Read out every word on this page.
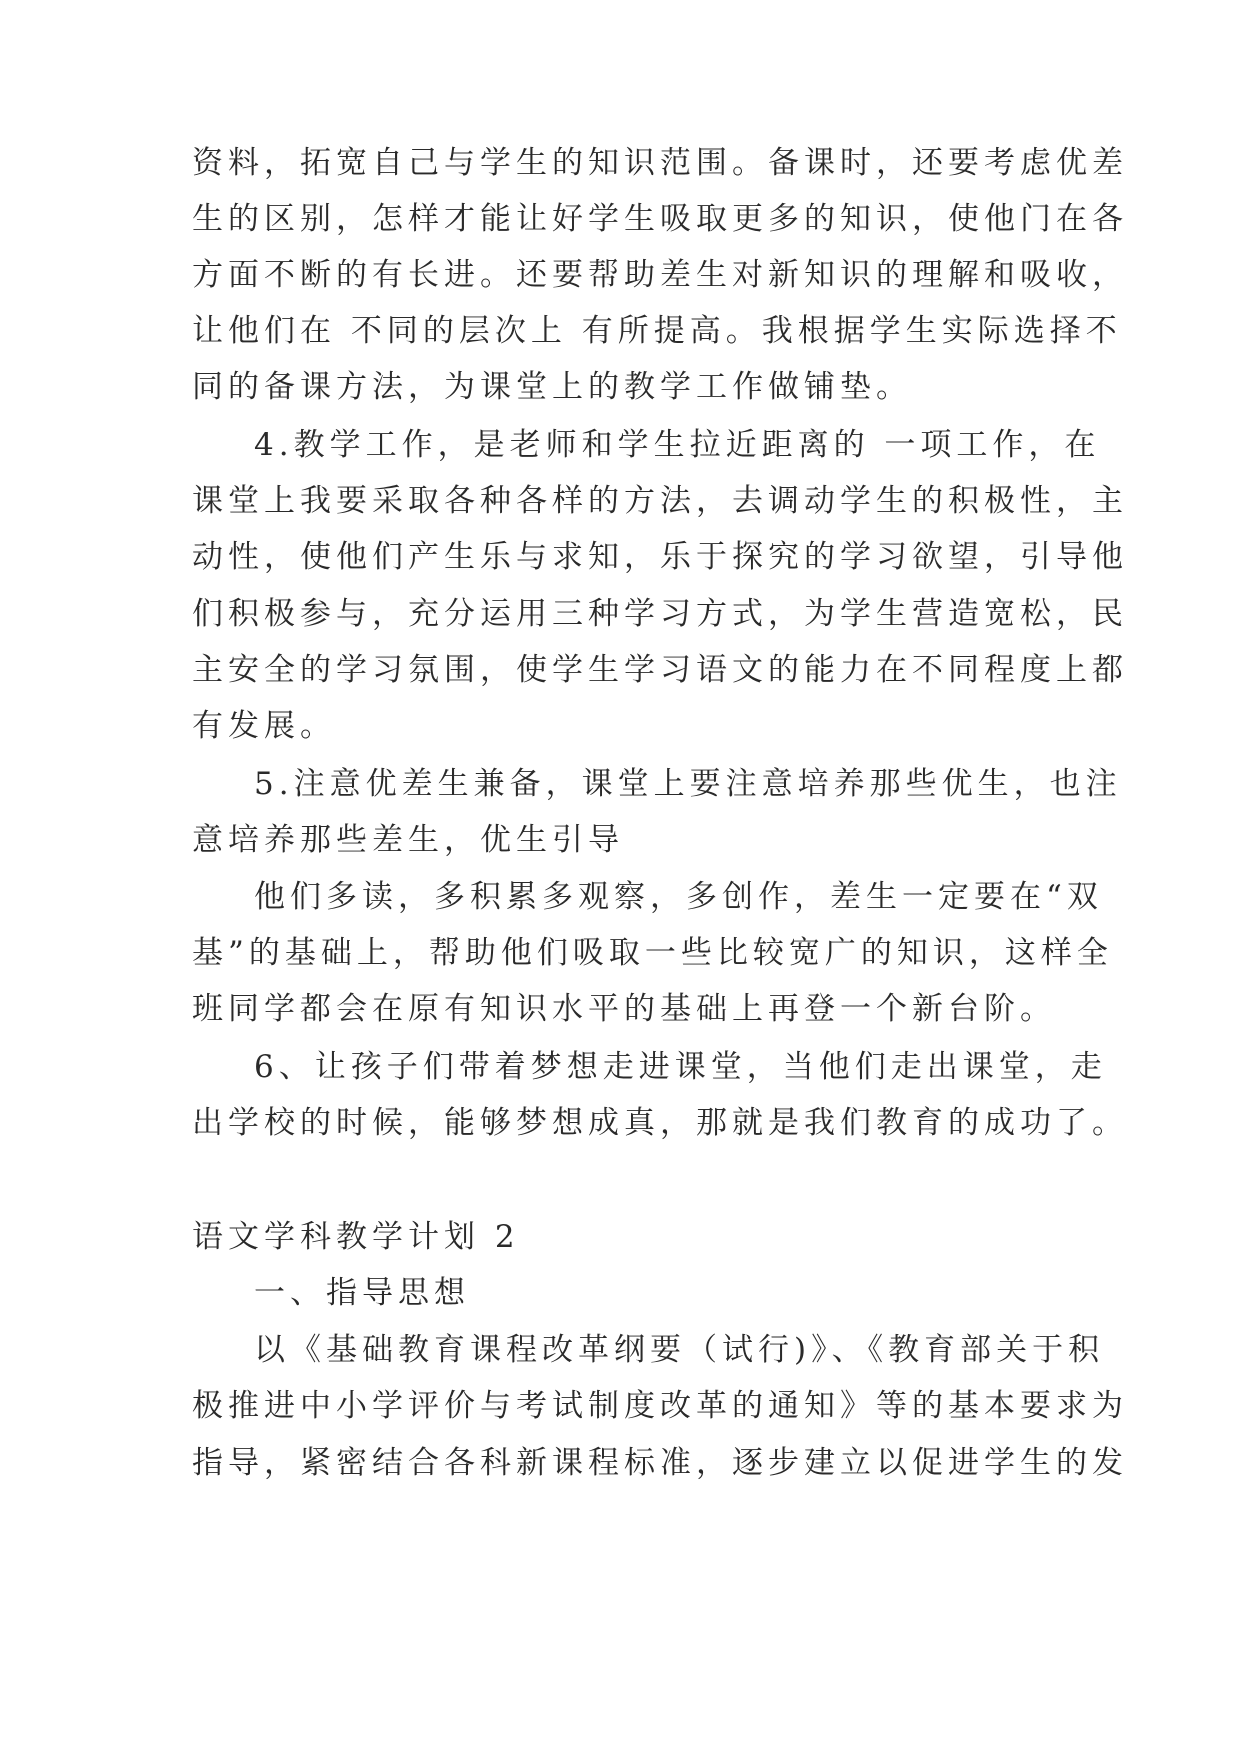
资料，拓宽自己与学生的知识范围。备课时，还要考虑优差
生的区别，怎样才能让好学生吸取更多的知识，使他门在各
方面不断的有长进。还要帮助差生对新知识的理解和吸收，
让他们在 不同的层次上 有所提高。我根据学生实际选择不
同的备课方法，为课堂上的教学工作做铺垫。
4.教学工作，是老师和学生拉近距离的 一项工作，在
课堂上我要采取各种各样的方法，去调动学生的积极性，主
动性，使他们产生乐与求知，乐于探究的学习欲望，引导他
们积极参与，充分运用三种学习方式，为学生营造宽松，民
主安全的学习氛围，使学生学习语文的能力在不同程度上都
有发展。
5.注意优差生兼备，课堂上要注意培养那些优生，也注
意培养那些差生，优生引导
他们多读，多积累多观察，多创作，差生一定要在“双
基”的基础上，帮助他们吸取一些比较宽广的知识，这样全
班同学都会在原有知识水平的基础上再登一个新台阶。
6、让孩子们带着梦想走进课堂，当他们走出课堂，走
出学校的时候，能够梦想成真，那就是我们教育的成功了。
语文学科教学计划 2
一、指导思想
以《基础教育课程改革纲要（试行)》、《教育部关于积
极推进中小学评价与考试制度改革的通知》等的基本要求为
指导，紧密结合各科新课程标准，逐步建立以促进学生的发
